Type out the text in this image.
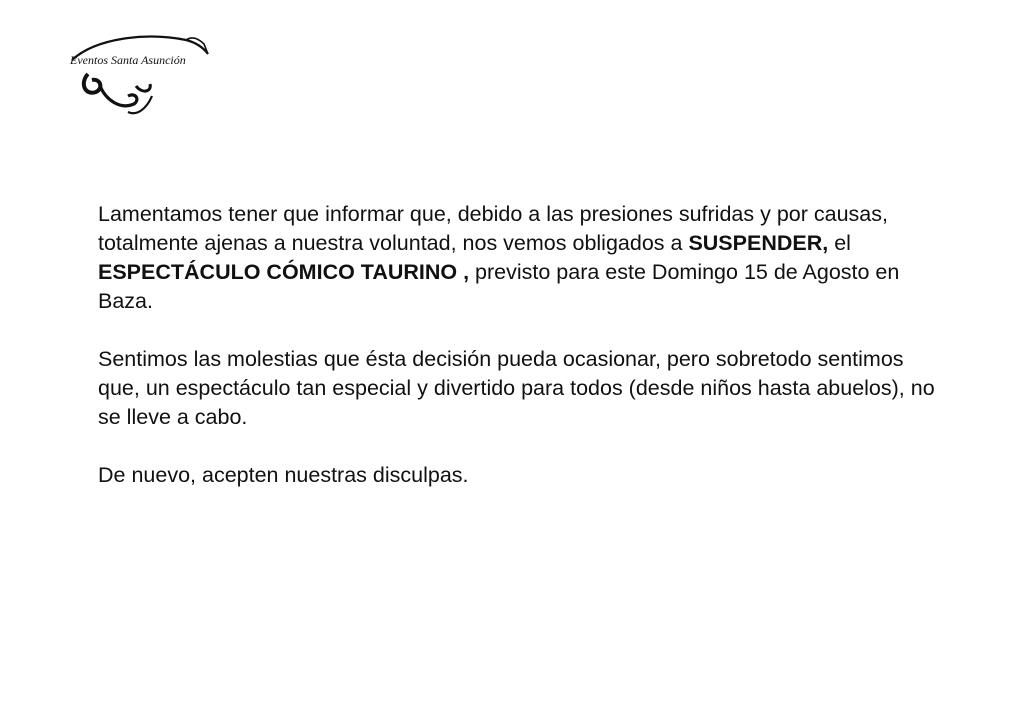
Eventos Santa Asunción

Lamentamos tener que informar que, debido a las presiones sufridas y por causas, totalmente ajenas a nuestra voluntad, nos vemos obligados a SUSPENDER, el ESPECTÁCULO CÓMICO TAURINO , previsto para este Domingo 15 de Agosto en Baza.

Sentimos las molestias que ésta decisión pueda ocasionar, pero sobretodo sentimos que, un espectáculo tan especial y divertido para todos (desde niños hasta abuelos), no se lleve a cabo.

De nuevo, acepten nuestras disculpas.
